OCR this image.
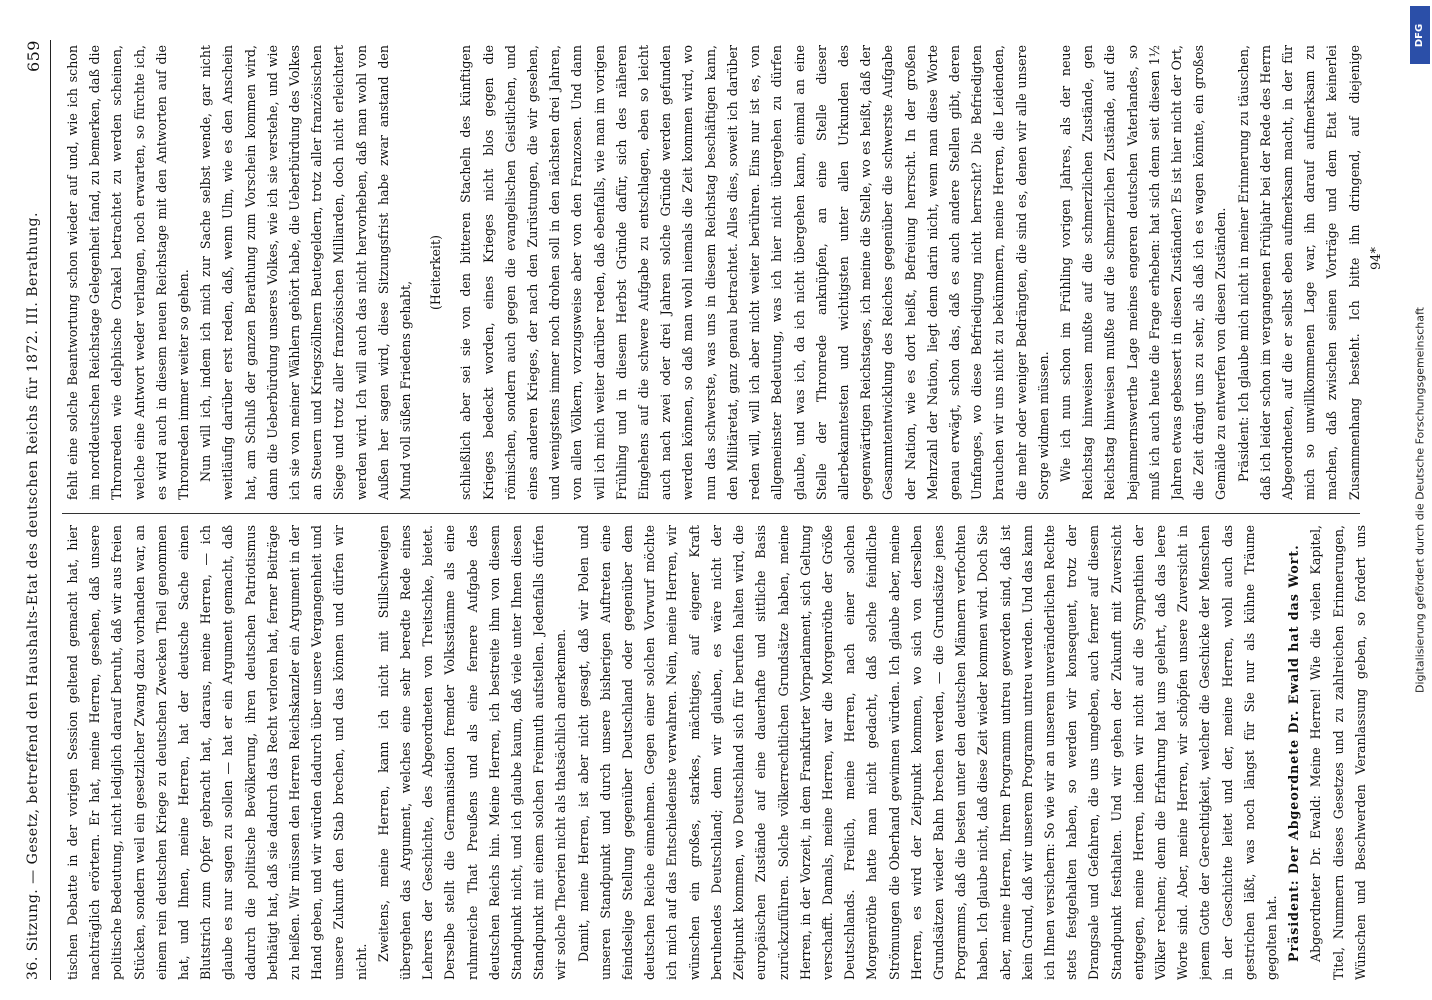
36. Sitzung. — Gesetz, betreffend den Haushalts-Etat des deutschen Reichs für 1872. III. Berathung.
659

tischen Debatte in der vorigen Session geltend gemacht hat, hier nachträglich erörtern. Er hat, meine Herren, gesehen, daß unsere politische Bedeutung, nicht lediglich darauf beruht, daß wir aus freien Stücken, sondern weil ein gesetzlicher Zwang dazu vorhanden war, an einem rein deutschen Kriege zu deutschen Zwecken Theil genommen hat, und Ihnen, meine Herren, hat der deutsche Sache einen Blutstrich zum Opfer gebracht hat, daraus, meine Herren, — ich glaube es nur sagen zu sollen — hat er ein Argument gemacht, daß dadurch die politische Bevölkerung, ihren deutschen Patriotismus bethätigt hat, daß sie dadurch das Recht verloren hat, ferner Beiträge zu heißen. Wir müssen den Herren Reichskanzler ein Argument in der Hand geben, und wir würden dadurch über unsere Vergangenheit und unsere Zukunft den Stab brechen, und das können und dürfen wir nicht. Zweitens, meine Herren, kann ich nicht mit Stillschweigen übergehen das Argument, welches eine sehr beredte Rede eines Lehrers der Geschichte, des Abgeordneten von Treitschke, bietet. Derselbe stellt die Germanisation fremder Volksstämme als eine ruhmreiche That Preußens und als eine fernere Aufgabe des deutschen Reichs hin. Meine Herren, ich bestreite ihm von diesem Standpunkt nicht, und ich glaube kaum, daß viele unter Ihnen diesen Standpunkt mit einem solchen Freimuth aufstellen. Jedenfalls dürfen wir solche Theorien nicht als thatsächlich anerkennen. Damit, meine Herren, ist aber nicht gesagt, daß wir Polen und unseren Standpunkt und durch unsere bisherigen Auftreten eine feindselige Stellung gegenüber Deutschland oder gegenüber dem deutschen Reiche einnehmen. Gegen einer solchen Vorwurf möchte ich mich auf das Entschiedenste verwahren. Nein, meine Herren, wir wünschen ein großes, starkes, mächtiges, auf eigener Kraft beruhendes Deutschland; denn wir glauben, es wäre nicht der Zeitpunkt kommen, wo Deutschland sich für berufen halten wird, die europäischen Zustände auf eine dauerhafte und sittliche Basis zurückzuführen. Solche völkerrechtlichen Grundsätze haben, meine Herren, in der Vorzeit, in dem Frankfurter Vorparlament, sich Geltung verschafft. Damals, meine Herren, war die Morgenröthe der Größe Deutschlands. Freilich, meine Herren, nach einer solchen Morgenröthe hatte man nicht gedacht, daß solche feindliche Strömungen die Oberhand gewinnen würden. Ich glaube aber, meine Herren, es wird der Zeitpunkt kommen, wo sich von derselben Grundsätzen wieder Bahn brechen werden, — die Grundsätze jenes Programms, daß die besten unter den deutschen Männern verfochten haben. Ich glaube nicht, daß diese Zeit wieder kommen wird. Doch Sie aber, meine Herren, Ihrem Programm untreu geworden sind, daß ist kein Grund, daß wir unserem Programm untreu werden. Und das kann ich Ihnen versichern: So wie wir an unserem unveränderlichen Rechte stets festgehalten haben, so werden wir konsequent, trotz der Drangsale und Gefahren, die uns umgeben, auch ferner auf diesem Standpunkt festhalten. Und wir gehen der Zukunft mit Zuversicht entgegen, meine Herren, indem wir nicht auf die Sympathien der Völker rechnen; denn die Erfahrung hat uns gelehrt, daß das leere Worte sind. Aber, meine Herren, wir schöpfen unsere Zuversicht in jenem Gotte der Gerechtigkeit, welcher die Geschicke der Menschen in der Geschichte leitet und der, meine Herren, wohl auch das gestrichen läßt, was noch längst für Sie nur als kühne Träume gegolten hat. Präsident: Der Abgeordnete Dr. Ewald hat das Wort. Abgeordneter Dr. Ewald: Meine Herren! Wie die vielen Kapitel, Titel, Nummern dieses Gesetzes und zu zahlreichen Erinnerungen, Wünschen und Beschwerden Veranlassung geben, so fordert uns

fehlt eine solche Beantwortung schon wieder auf und, wie ich schon im norddeutschen Reichstage Gelegenheit fand, zu bemerken, daß die Thronreden wie delphische Orakel betrachtet zu werden scheinen, welche eine Antwort weder verlangen, noch erwarten, so fürchte ich, es wird auch in diesem neuen Reichstage mit den Antworten auf die Thronreden immer weiter so gehen. Nun will ich, indem ich mich zur Sache selbst wende, gar nicht weitläufig darüber erst reden, daß, wenn Ulm, wie es den Anschein hat, am Schluß der ganzen Berathung zum Vorschein kommen wird, dann die Ueberbürdung unseres Volkes, wie ich sie verstehe, und wie ich sie von meiner Wählern gehört habe, die Ueberbürdung des Volkes an Steuern und Kriegszöllnern Beutegeldern, trotz aller französischen Siege und trotz aller französischen Milliarden, doch nicht erleichtert werden wird. Ich will auch das nicht hervorheben, daß man wohl von Außen her sagen wird, diese Sitzungsfrist habe zwar anstand den Mund voll süßen Friedens gehabt,

(Heiterkeit)	schließlich aber sei sie von den bitteren Stacheln des künftigen Krieges bedeckt worden, eines Krieges nicht blos gegen die römischen, sondern auch gegen die evangelischen Geistlichen, und eines anderen Krieges, der nach den Zurüstungen, die wir gesehen, und wenigstens immer noch drohen soll in den nächsten drei Jahren, von allen Völkern, vorzugsweise aber von den Franzosen. Und dann will ich mich weiter darüber reden, daß ebenfalls, wie man im vorigen Frühling und in diesem Herbst Gründe dafür, sich des näheren Eingehens auf die schwere Aufgabe zu entschlagen, eben so leicht auch nach zwei oder drei Jahren solche Gründe werden gefunden werden können, so daß man wohl niemals die Zeit kommen wird, wo nun das schwerste, was uns in diesem Reichstag beschäftigen kann, den Militäretat, ganz genau betrachtet. Alles dies, soweit ich darüber reden will, will ich aber nicht weiter berühren. Eins nur ist es, von allgemeinster Bedeutung, was ich hier nicht übergehen zu dürfen glaube, und was ich, da ich nicht übergehen kann, einmal an eine Stelle der Thronrede anknüpfen, an eine Stelle dieser allerbekanntesten und wichtigsten unter allen Urkunden des gegenwärtigen Reichstages, ich meine die Stelle, wo es heißt, daß der Gesammtentwicklung des Reiches gegenüber die schwerste Aufgabe der Nation, wie es dort heißt, Befreiung herrscht. In der großen Mehrzahl der Nation, liegt denn darin nicht, wenn man diese Worte genau erwägt, schon das, daß es auch andere Stellen gibt, deren Umfanges, wo diese Befriedigung nicht herrscht? Die Befriedigten brauchen wir uns nicht zu bekümmern, meine Herren, die Leidenden, die mehr oder weniger Bedrängten, die sind es, denen wir alle unsere Sorge widmen müssen. Wie ich nun schon im Frühling vorigen Jahres, als der neue Reichstag hinweisen mußte auf die schmerzlichen Zustände, gen Reichstag hinweisen mußte auf die schmerzlichen Zustände, auf die bejammernswerthe Lage meines engeren deutschen Vaterlandes, so muß ich auch heute die Frage erheben: hat sich denn seit diesen 1½ Jahren etwas gebessert in diesen Zuständen? Es ist hier nicht der Ort, die Zeit drängt uns zu sehr, als daß ich es wagen könnte, ein großes Gemälde zu entwerfen von diesen Zuständen. Präsident: Ich glaube mich nicht in meiner Erinnerung zu täuschen, daß ich leider schon im vergangenen Frühjahr bei der Rede des Herrn Abgeordneten, auf die er selbst eben aufmerksam macht, in der für mich so unwillkommenen Lage war, ihn darauf aufmerksam zu machen, daß zwischen seinen Vorträge und dem Etat keinerlei Zusammenhang besteht. Ich bitte ihn dringend, auf diejenige

94*
DFG
Digitalisierung gefördert durch die Deutsche Forschungsgemeinschaft
